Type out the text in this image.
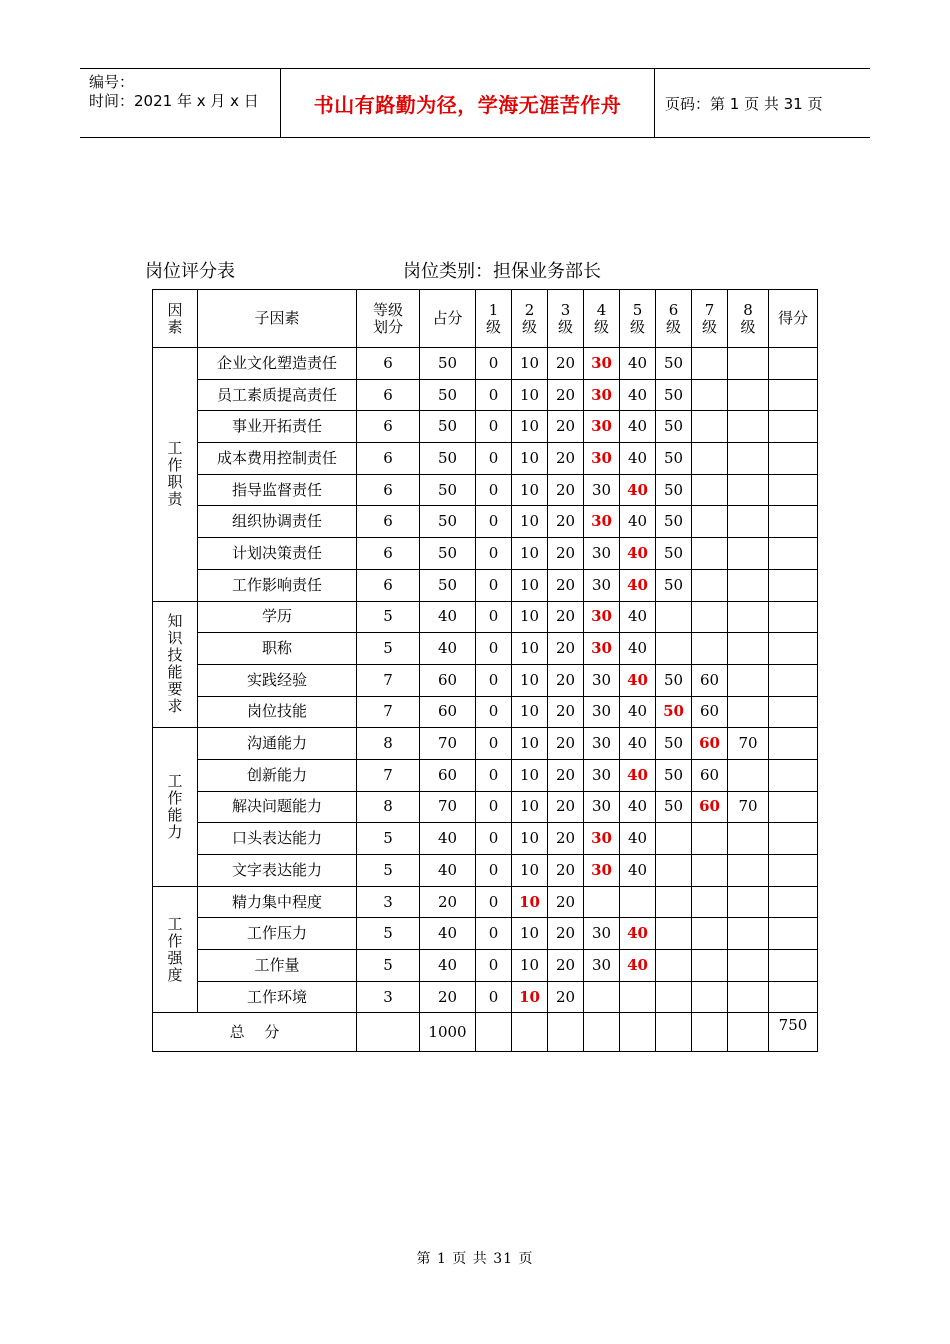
编号：
时间：2021 年 x 月 x 日	书山有路勤为径，学海无涯苦作舟	页码：第 1 页 共 31 页
岗位评分表	岗位类别：担保业务部长
因素	子因素	等级划分	占分	1 级	2 级	3 级	4 级	5 级	6 级	7 级	8 级	得分
工作职责	企业文化塑造责任	6	50	0	10	20	30	40	50			
	员工素质提高责任	6	50	0	10	20	30	40	50			
	事业开拓责任	6	50	0	10	20	30	40	50			
	成本费用控制责任	6	50	0	10	20	30	40	50			
	指导监督责任	6	50	0	10	20	30	40	50			
	组织协调责任	6	50	0	10	20	30	40	50			
	计划决策责任	6	50	0	10	20	30	40	50			
	工作影响责任	6	50	0	10	20	30	40	50			
知识技能要求	学历	5	40	0	10	20	30	40				
	职称	5	40	0	10	20	30	40				
	实践经验	7	60	0	10	20	30	40	50	60		
	岗位技能	7	60	0	10	20	30	40	50	60		
工作能力	沟通能力	8	70	0	10	20	30	40	50	60	70	
	创新能力	7	60	0	10	20	30	40	50	60		
	解决问题能力	8	70	0	10	20	30	40	50	60	70	
	口头表达能力	5	40	0	10	20	30	40				
	文字表达能力	5	40	0	10	20	30	40				
工作强度	精力集中程度	3	20	0	10	20						
	工作压力	5	40	0	10	20	30	40				
	工作量	5	40	0	10	20	30	40				
	工作环境	3	20	0	10	20						
总　 分			1000									750
第 1 页 共 31 页
